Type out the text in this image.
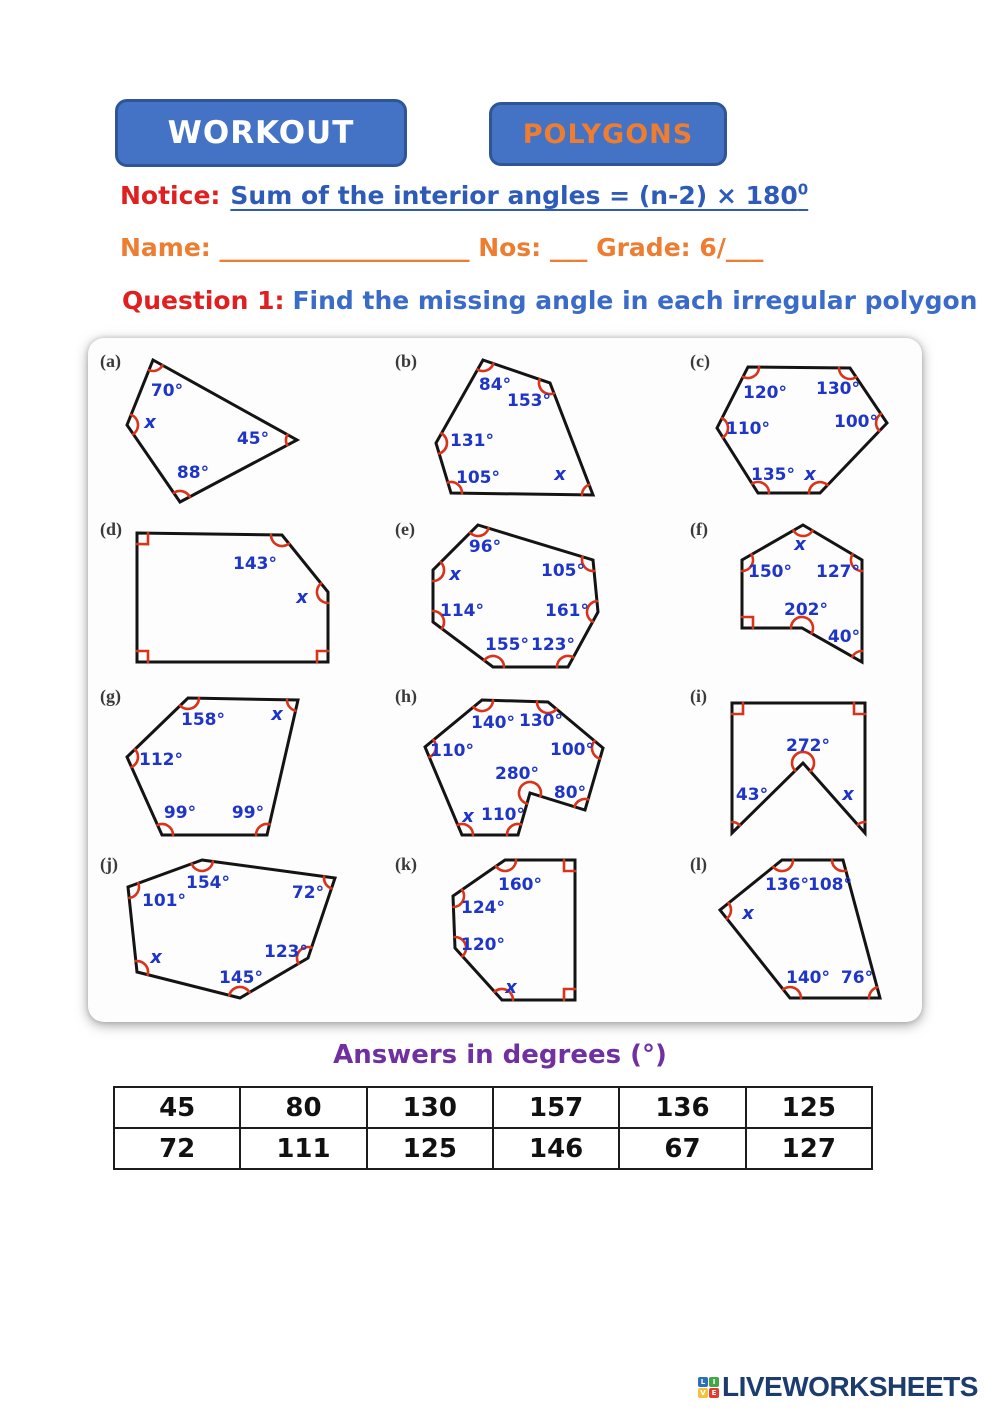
WORKOUT	POLYGONS
Notice: Sum of the interior angles = $(n-2) \times 180^0$
Name: ____________________ Nos: ___ Grade: 6/___
Question 1: Find the missing angle in each irregular polygon
(a)
70°
x
45°
88°
(b)
84°
153°
131°
105°	x
(c)
120° 130°
100°
110°
135° x
(d)
143°
x
(e)
96°
105°
x
114°	161°
155° 123°
(f)
x
150° 127°
202°
40°
(g)
158°	x
112°
99° 99°
(h)
140° 130°
110°	100°
280°
80°
x 110°
(i)
272°
43°	x
(j)
154°
101°	72°
123°
145°
x
(k)
160°
124°
120°
x
(l)
136° 108°
x
140° 76°
Answers in degrees (°)
45	80	130	157	136	125
72	111	125	146	67	127
L	I
V E LIVEWORKSHEETS
